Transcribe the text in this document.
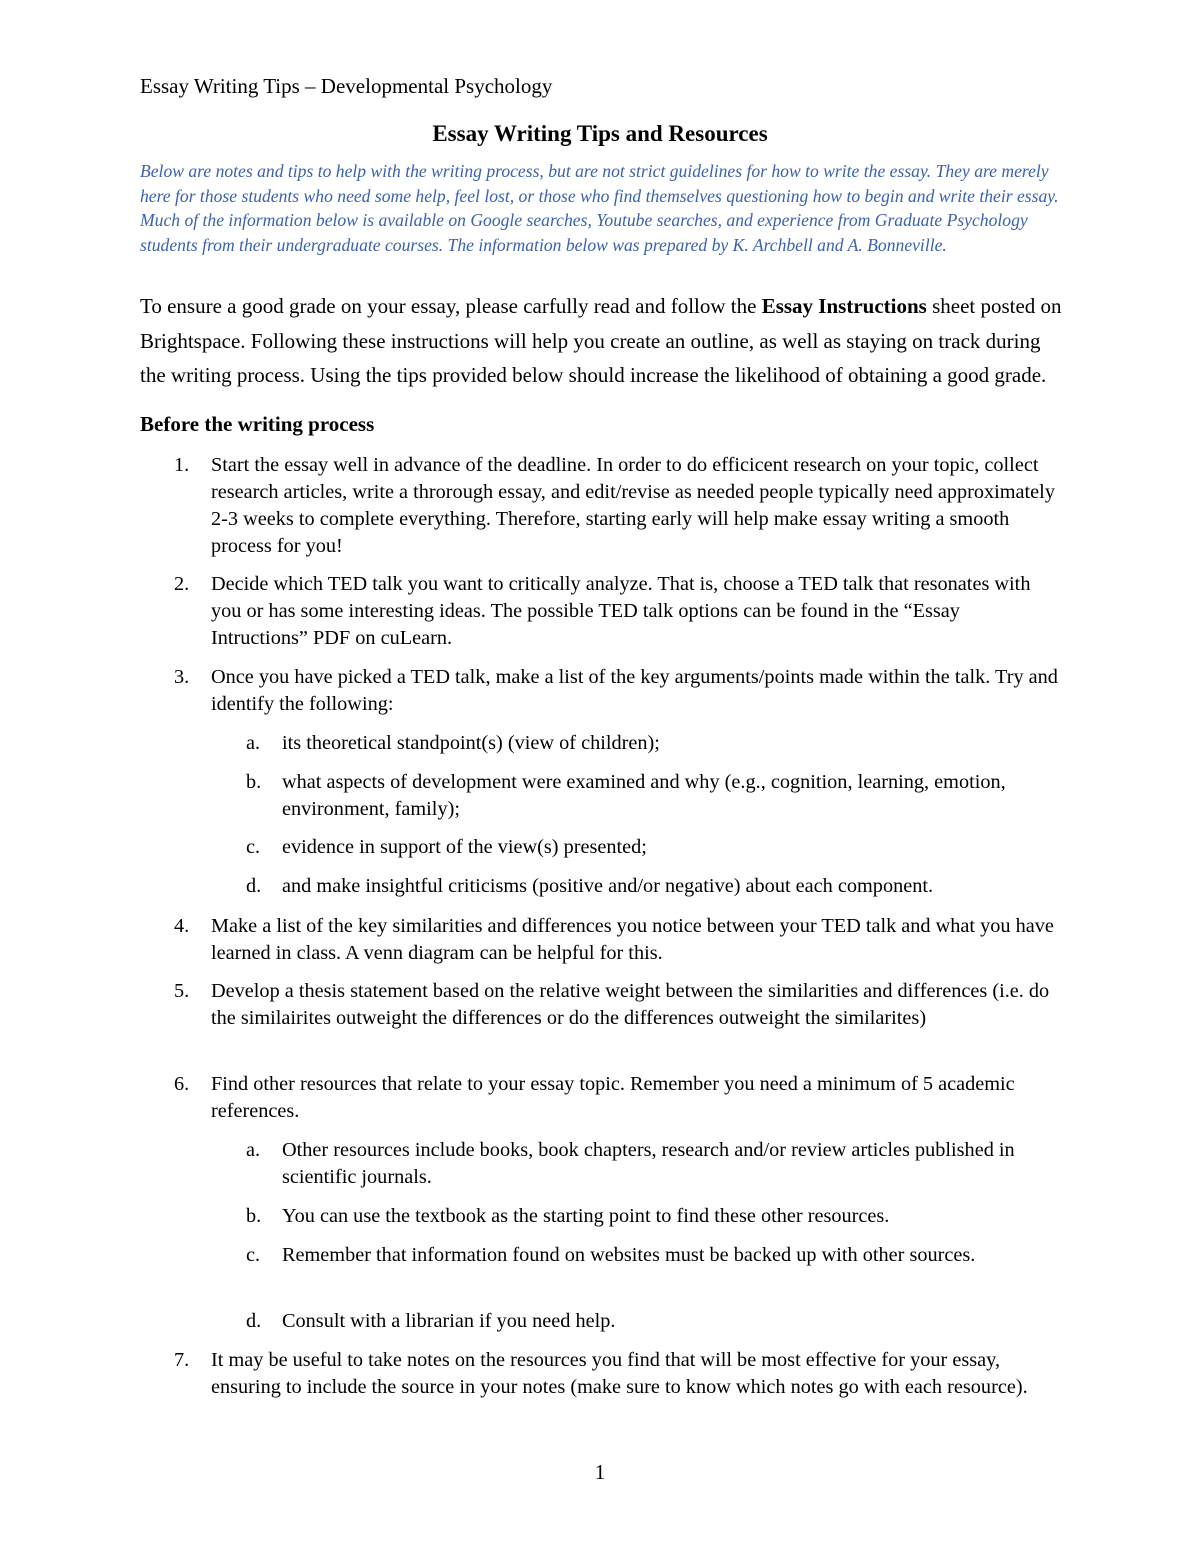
Essay Writing Tips – Developmental Psychology
Essay Writing Tips and Resources
Below are notes and tips to help with the writing process, but are not strict guidelines for how to write the essay. They are merely here for those students who need some help, feel lost, or those who find themselves questioning how to begin and write their essay. Much of the information below is available on Google searches, Youtube searches, and experience from Graduate Psychology students from their undergraduate courses. The information below was prepared by K. Archbell and A. Bonneville.
To ensure a good grade on your essay, please carfully read and follow the Essay Instructions sheet posted on Brightspace. Following these instructions will help you create an outline, as well as staying on track during the writing process. Using the tips provided below should increase the likelihood of obtaining a good grade.
Before the writing process
1. Start the essay well in advance of the deadline. In order to do efficicent research on your topic, collect research articles, write a throrough essay, and edit/revise as needed people typically need approximately 2-3 weeks to complete everything. Therefore, starting early will help make essay writing a smooth process for you!
2. Decide which TED talk you want to critically analyze. That is, choose a TED talk that resonates with you or has some interesting ideas. The possible TED talk options can be found in the “Essay Intructions” PDF on cuLearn.
3. Once you have picked a TED talk, make a list of the key arguments/points made within the talk. Try and identify the following:
a. its theoretical standpoint(s) (view of children);
b. what aspects of development were examined and why (e.g., cognition, learning, emotion, environment, family);
c. evidence in support of the view(s) presented;
d. and make insightful criticisms (positive and/or negative) about each component.
4. Make a list of the key similarities and differences you notice between your TED talk and what you have learned in class. A venn diagram can be helpful for this.
5. Develop a thesis statement based on the relative weight between the similarities and differences (i.e. do the similairites outweight the differences or do the differences outweight the similarites)
6. Find other resources that relate to your essay topic. Remember you need a minimum of 5 academic references.
a. Other resources include books, book chapters, research and/or review articles published in scientific journals.
b. You can use the textbook as the starting point to find these other resources.
c. Remember that information found on websites must be backed up with other sources.
d. Consult with a librarian if you need help.
7. It may be useful to take notes on the resources you find that will be most effective for your essay, ensuring to include the source in your notes (make sure to know which notes go with each resource).
1
